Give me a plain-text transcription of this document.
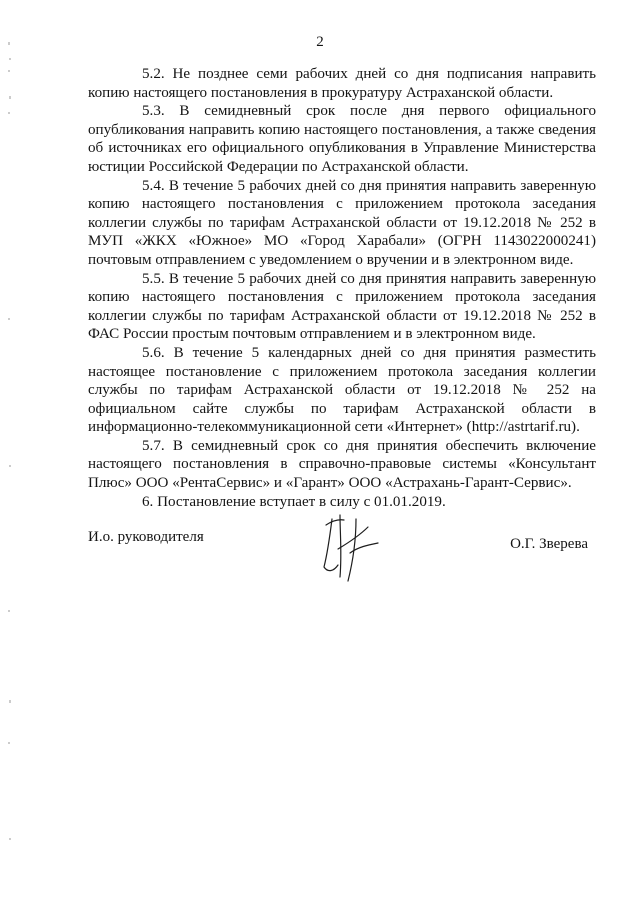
2

5.2. Не позднее семи рабочих дней со дня подписания направить копию настоящего постановления в прокуратуру Астраханской области.

5.3. В семидневный срок после дня первого официального опубликования направить копию настоящего постановления, а также сведения об источниках его официального опубликования в Управление Министерства юстиции Российской Федерации по Астраханской области.

5.4. В течение 5 рабочих дней со дня принятия направить заверенную копию настоящего постановления с приложением протокола заседания коллегии службы по тарифам Астраханской области от 19.12.2018 № 252 в МУП «ЖКХ «Южное» МО «Город Харабали» (ОГРН 1143022000241) почтовым отправлением с уведомлением о вручении и в электронном виде.

5.5. В течение 5 рабочих дней со дня принятия направить заверенную копию настоящего постановления с приложением протокола заседания коллегии службы по тарифам Астраханской области от 19.12.2018 № 252 в ФАС России простым почтовым отправлением и в электронном виде.

5.6. В течение 5 календарных дней со дня принятия разместить настоящее постановление с приложением протокола заседания коллегии службы по тарифам Астраханской области от 19.12.2018 № 252 на официальном сайте службы по тарифам Астраханской области в информационно-телекоммуникационной сети «Интернет» (http://astrtarif.ru).

5.7. В семидневный срок со дня принятия обеспечить включение настоящего постановления в справочно-правовые системы «Консультант Плюс» ООО «РентаСервис» и «Гарант» ООО «Астрахань-Гарант-Сервис».

6. Постановление вступает в силу с 01.01.2019.

И.о. руководителя	О.Г. Зверева
